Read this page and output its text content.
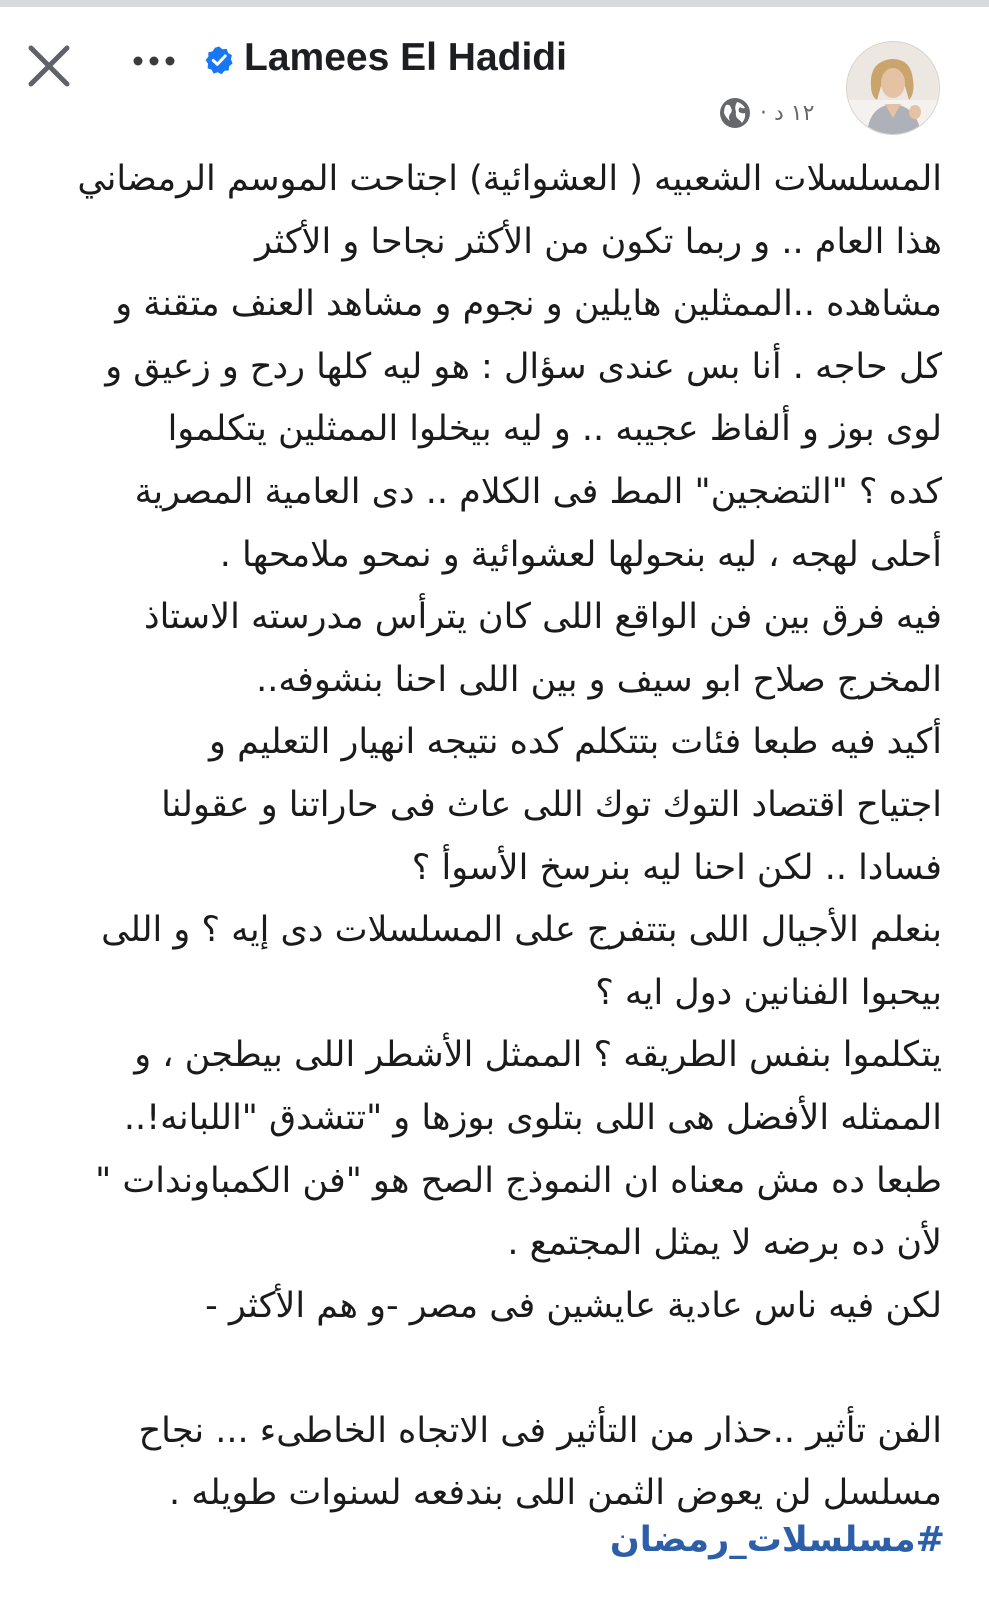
Lamees El Hadidi
١٢ د ·
المسلسلات الشعبيه ( العشوائية) اجتاحت الموسم الرمضاني
هذا العام .. و ربما تكون من الأكثر نجاحا و الأكثر
مشاهده ..الممثلين هايلين و نجوم و مشاهد العنف متقنة و
كل حاجه . أنا بس عندى سؤال : هو ليه كلها ردح و زعيق و
لوى بوز و ألفاظ عجيبه .. و ليه بيخلوا الممثلين يتكلموا
كده ؟ "التضجين" المط فى الكلام .. دى العامية المصرية
أحلى لهجه ، ليه بنحولها لعشوائية و نمحو ملامحها .
فيه فرق بين فن الواقع اللى كان يترأس مدرسته الاستاذ
المخرج صلاح ابو سيف و بين اللى احنا بنشوفه..
أكيد فيه طبعا فئات بتتكلم كده نتيجه انهيار التعليم و
اجتياح اقتصاد التوك توك اللى عاث فى حاراتنا و عقولنا
فسادا .. لكن احنا ليه بنرسخ الأسوأ ؟
بنعلم الأجيال اللى بتتفرج على المسلسلات دى إيه ؟ و اللى
بيحبوا الفنانين دول ايه ؟
يتكلموا بنفس الطريقه ؟ الممثل الأشطر اللى بيطجن ، و
الممثله الأفضل هى اللى بتلوى بوزها و "تتشدق "اللبانه!..
طبعا ده مش معناه ان النموذج الصح هو "فن الكمباوندات "
لأن ده برضه لا يمثل المجتمع .
لكن فيه ناس عادية عايشين فى مصر -و هم الأكثر -
الفن تأثير ..حذار من التأثير فى الاتجاه الخاطىء ... نجاح
مسلسل لن يعوض الثمن اللى بندفعه لسنوات طويله .
#مسلسلات_رمضان
